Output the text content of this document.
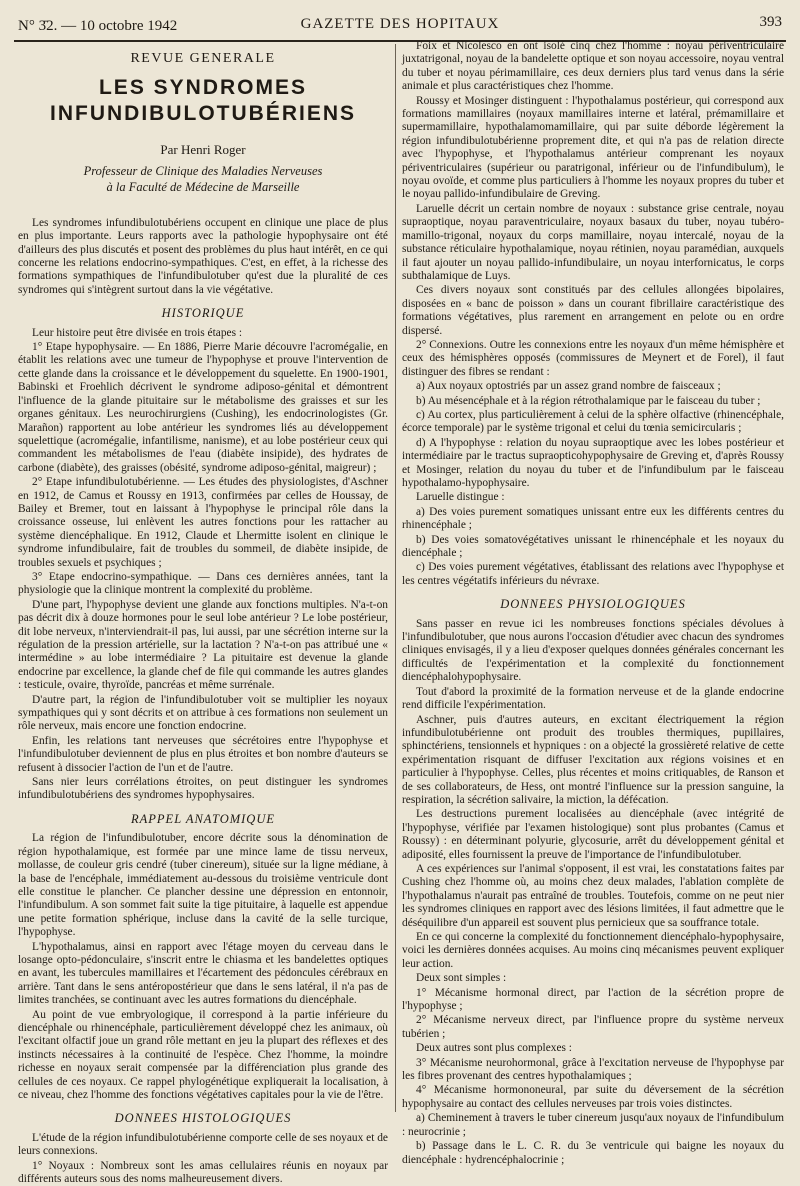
N° 3̄2. — 10 octobre 1942	GAZETTE DES HOPITAUX	393
REVUE GENERALE
LES SYNDROMES INFUNDIBULOTUBÉRIENS
Par Henri Roger
Professeur de Clinique des Maladies Nerveuses
à la Faculté de Médecine de Marseille

Les syndromes infundibulotubériens occupent en clinique une place de plus en plus importante. Leurs rapports avec la pathologie hypophysaire ont été d'ailleurs des plus discutés et posent des problèmes du plus haut intérêt, en ce qui concerne les relations endocrino-sympathiques. C'est, en effet, à la richesse des formations sympathiques de l'infundibulotuber qu'est due la pluralité de ces syndromes qui s'intègrent surtout dans la vie végétative.

HISTORIQUE

Leur histoire peut être divisée en trois étapes :

1° Etape hypophysaire. — En 1886, Pierre Marie découvre l'acromégalie, en établit les relations avec une tumeur de l'hypophyse et prouve l'intervention de cette glande dans la croissance et le développement du squelette. En 1900-1901, Babinski et Froehlich décrivent le syndrome adiposo-génital et démontrent l'influence de la glande pituitaire sur le métabolisme des graisses et sur les organes génitaux. Les neurochirurgiens (Cushing), les endocrinologistes (Gr. Marañon) rapportent au lobe antérieur les syndromes liés au développement squelettique (acromégalie, infantilisme, nanisme), et au lobe postérieur ceux qui commandent les métabolismes de l'eau (diabète insipide), des hydrates de carbone (diabète), des graisses (obésité, syndrome adiposo-génital, maigreur) ;

2° Etape infundibulotubérienne. — Les études des physiologistes, d'Aschner en 1912, de Camus et Roussy en 1913, confirmées par celles de Houssay, de Bailey et Bremer, tout en laissant à l'hypophyse le principal rôle dans la croissance osseuse, lui enlèvent les autres fonctions pour les rattacher au système diencéphalique. En 1912, Claude et Lhermitte isolent en clinique le syndrome infundibulaire, fait de troubles du sommeil, de diabète insipide, de troubles sexuels et psychiques ;

3° Etape endocrino-sympathique. — Dans ces dernières années, tant la physiologie que la clinique montrent la complexité du problème.

D'une part, l'hypophyse devient une glande aux fonctions multiples. N'a-t-on pas décrit dix à douze hormones pour le seul lobe antérieur ? Le lobe postérieur, dit lobe nerveux, n'interviendrait-il pas, lui aussi, par une sécrétion interne sur la régulation de la pression artérielle, sur la lactation ? N'a-t-on pas attribué une « intermédine » au lobe intermédiaire ? La pituitaire est devenue la glande endocrine par excellence, la glande chef de file qui commande les autres glandes : testicule, ovaire, thyroïde, pancréas et même surrénale.

D'autre part, la région de l'infundibulotuber voit se multiplier les noyaux sympathiques qui y sont décrits et on attribue à ces formations non seulement un rôle nerveux, mais encore une fonction endocrine.

Enfin, les relations tant nerveuses que sécrétoires entre l'hypophyse et l'infundibulotuber deviennent de plus en plus étroites et bon nombre d'auteurs se refusent à dissocier l'action de l'un et de l'autre.

Sans nier leurs corrélations étroites, on peut distinguer les syndromes infundibulotubériens des syndromes hypophysaires.

RAPPEL ANATOMIQUE

La région de l'infundibulotuber, encore décrite sous la dénomination de région hypothalamique, est formée par une mince lame de tissu nerveux, mollasse, de couleur gris cendré (tuber cinereum), située sur la ligne médiane, à la base de l'encéphale, immédiatement au-dessous du troisième ventricule dont elle constitue le plancher. Ce plancher dessine une dépression en entonnoir, l'infundibulum. A son sommet fait suite la tige pituitaire, à laquelle est appendue une petite formation sphérique, incluse dans la cavité de la selle turcique, l'hypophyse.

L'hypothalamus, ainsi en rapport avec l'étage moyen du cerveau dans le losange opto-pédonculaire, s'inscrit entre le chiasma et les bandelettes optiques en avant, les tubercules mamillaires et l'écartement des pédoncules cérébraux en arrière. Tant dans le sens antéropostérieur que dans le sens latéral, il n'a pas de limites tranchées, se continuant avec les autres formations du diencéphale.

Au point de vue embryologique, il correspond à la partie inférieure du diencéphale ou rhinencéphale, particulièrement développé chez les animaux, où l'excitant olfactif joue un grand rôle mettant en jeu la plupart des réflexes et des instincts nécessaires à la continuité de l'espèce. Chez l'homme, la moindre richesse en noyaux serait compensée par la différenciation plus grande des cellules de ces noyaux. Ce rappel phylogénétique expliquerait la localisation, à ce niveau, chez l'homme des fonctions végétatives capitales pour la vie de l'être.

DONNEES HISTOLOGIQUES

L'étude de la région infundibulotubérienne comporte celle de ses noyaux et de leurs connexions.

1° Noyaux : Nombreux sont les amas cellulaires réunis en noyaux par différents auteurs sous des noms malheureusement divers.

Foix et Nicolesco en ont isolé cinq chez l'homme : noyau périventriculaire juxtatrigonal, noyau de la bandelette optique et son noyau accessoire, noyau ventral du tuber et noyau périmamillaire, ces deux derniers plus tard venus dans la série animale et plus caractéristiques chez l'homme.

Roussy et Mosinger distinguent : l'hypothalamus postérieur, qui correspond aux formations mamillaires (noyaux mamillaires interne et latéral, prémamillaire et supermamillaire, hypothalamomamillaire, qui par suite déborde légèrement la région infundibulotubérienne proprement dite, et qui n'a pas de relation directe avec l'hypophyse, et l'hypothalamus antérieur comprenant les noyaux périventriculaires (supérieur ou paratrigonal, inférieur ou de l'infundibulum), le noyau ovoïde, et comme plus particuliers à l'homme les noyaux propres du tuber et le noyau pallido-infundibulaire de Greving.

Laruelle décrit un certain nombre de noyaux : substance grise centrale, noyau supraoptique, noyau paraventriculaire, noyaux basaux du tuber, noyau tubéro-mamillo-trigonal, noyaux du corps mamillaire, noyau intercalé, noyau de la substance réticulaire hypothalamique, noyau rétinien, noyau paramédian, auxquels il faut ajouter un noyau pallido-infundibulaire, un noyau interfornicatus, le corps subthalamique de Luys.

Ces divers noyaux sont constitués par des cellules allongées bipolaires, disposées en « banc de poisson » dans un courant fibrillaire caractéristique des formations végétatives, plus rarement en arrangement en pelote ou en ordre dispersé.

2° Connexions. Outre les connexions entre les noyaux d'un même hémisphère et ceux des hémisphères opposés (commissures de Meynert et de Forel), il faut distinguer des fibres se rendant :

a) Aux noyaux optostriés par un assez grand nombre de faisceaux ;

b) Au mésencéphale et à la région rétrothalamique par le faisceau du tuber ;

c) Au cortex, plus particulièrement à celui de la sphère olfactive (rhinencéphale, écorce temporale) par le système trigonal et celui du tœnia semicircularis ;

d) A l'hypophyse : relation du noyau supraoptique avec les lobes postérieur et intermédiaire par le tractus supraopticohypophysaire de Greving et, d'après Roussy et Mosinger, relation du noyau du tuber et de l'infundibulum par le faisceau hypothalamo-hypophysaire.

Laruelle distingue :

a) Des voies purement somatiques unissant entre eux les différents centres du rhinencéphale ;

b) Des voies somatovégétatives unissant le rhinencéphale et les noyaux du diencéphale ;

c) Des voies purement végétatives, établissant des relations avec l'hypophyse et les centres végétatifs inférieurs du névraxe.

DONNEES PHYSIOLOGIQUES

Sans passer en revue ici les nombreuses fonctions spéciales dévolues à l'infundibulotuber, que nous aurons l'occasion d'étudier avec chacun des syndromes cliniques envisagés, il y a lieu d'exposer quelques données générales concernant les difficultés de l'expérimentation et la complexité du fonctionnement diencéphalohypophysaire.

Tout d'abord la proximité de la formation nerveuse et de la glande endocrine rend difficile l'expérimentation.

Aschner, puis d'autres auteurs, en excitant électriquement la région infundibulotubérienne ont produit des troubles thermiques, pupillaires, sphinctériens, tensionnels et hypniques : on a objecté la grossièreté relative de cette expérimentation risquant de diffuser l'excitation aux régions voisines et en particulier à l'hypophyse. Celles, plus récentes et moins critiquables, de Ranson et de ses collaborateurs, de Hess, ont montré l'influence sur la pression sanguine, la respiration, la sécrétion salivaire, la miction, la défécation.

Les destructions purement localisées au diencéphale (avec intégrité de l'hypophyse, vérifiée par l'examen histologique) sont plus probantes (Camus et Roussy) : en déterminant polyurie, glycosurie, arrêt du développement génital et adiposité, elles fournissent la preuve de l'importance de l'infundibulotuber.

A ces expériences sur l'animal s'opposent, il est vrai, les constatations faites par Cushing chez l'homme où, au moins chez deux malades, l'ablation complète de l'hypothalamus n'aurait pas entraîné de troubles. Toutefois, comme on ne peut nier les syndromes cliniques en rapport avec des lésions limitées, il faut admettre que le déséquilibre d'un appareil est souvent plus pernicieux que sa souffrance totale.

En ce qui concerne la complexité du fonctionnement diencéphalo-hypophysaire, voici les dernières données acquises. Au moins cinq mécanismes peuvent expliquer leur action.

Deux sont simples :

1° Mécanisme hormonal direct, par l'action de la sécrétion propre de l'hypophyse ;

2° Mécanisme nerveux direct, par l'influence propre du système nerveux tubérien ;

Deux autres sont plus complexes :

3° Mécanisme neurohormonal, grâce à l'excitation nerveuse de l'hypophyse par les fibres provenant des centres hypothalamiques ;

4° Mécanisme hormononeural, par suite du déversement de la sécrétion hypophysaire au contact des cellules nerveuses par trois voies distinctes.

a) Cheminement à travers le tuber cinereum jusqu'aux noyaux de l'infundibulum : neurocrinie ;

b) Passage dans le L. C. R. du 3e ventricule qui baigne les noyaux du diencéphale : hydrencéphalocrinie ;
